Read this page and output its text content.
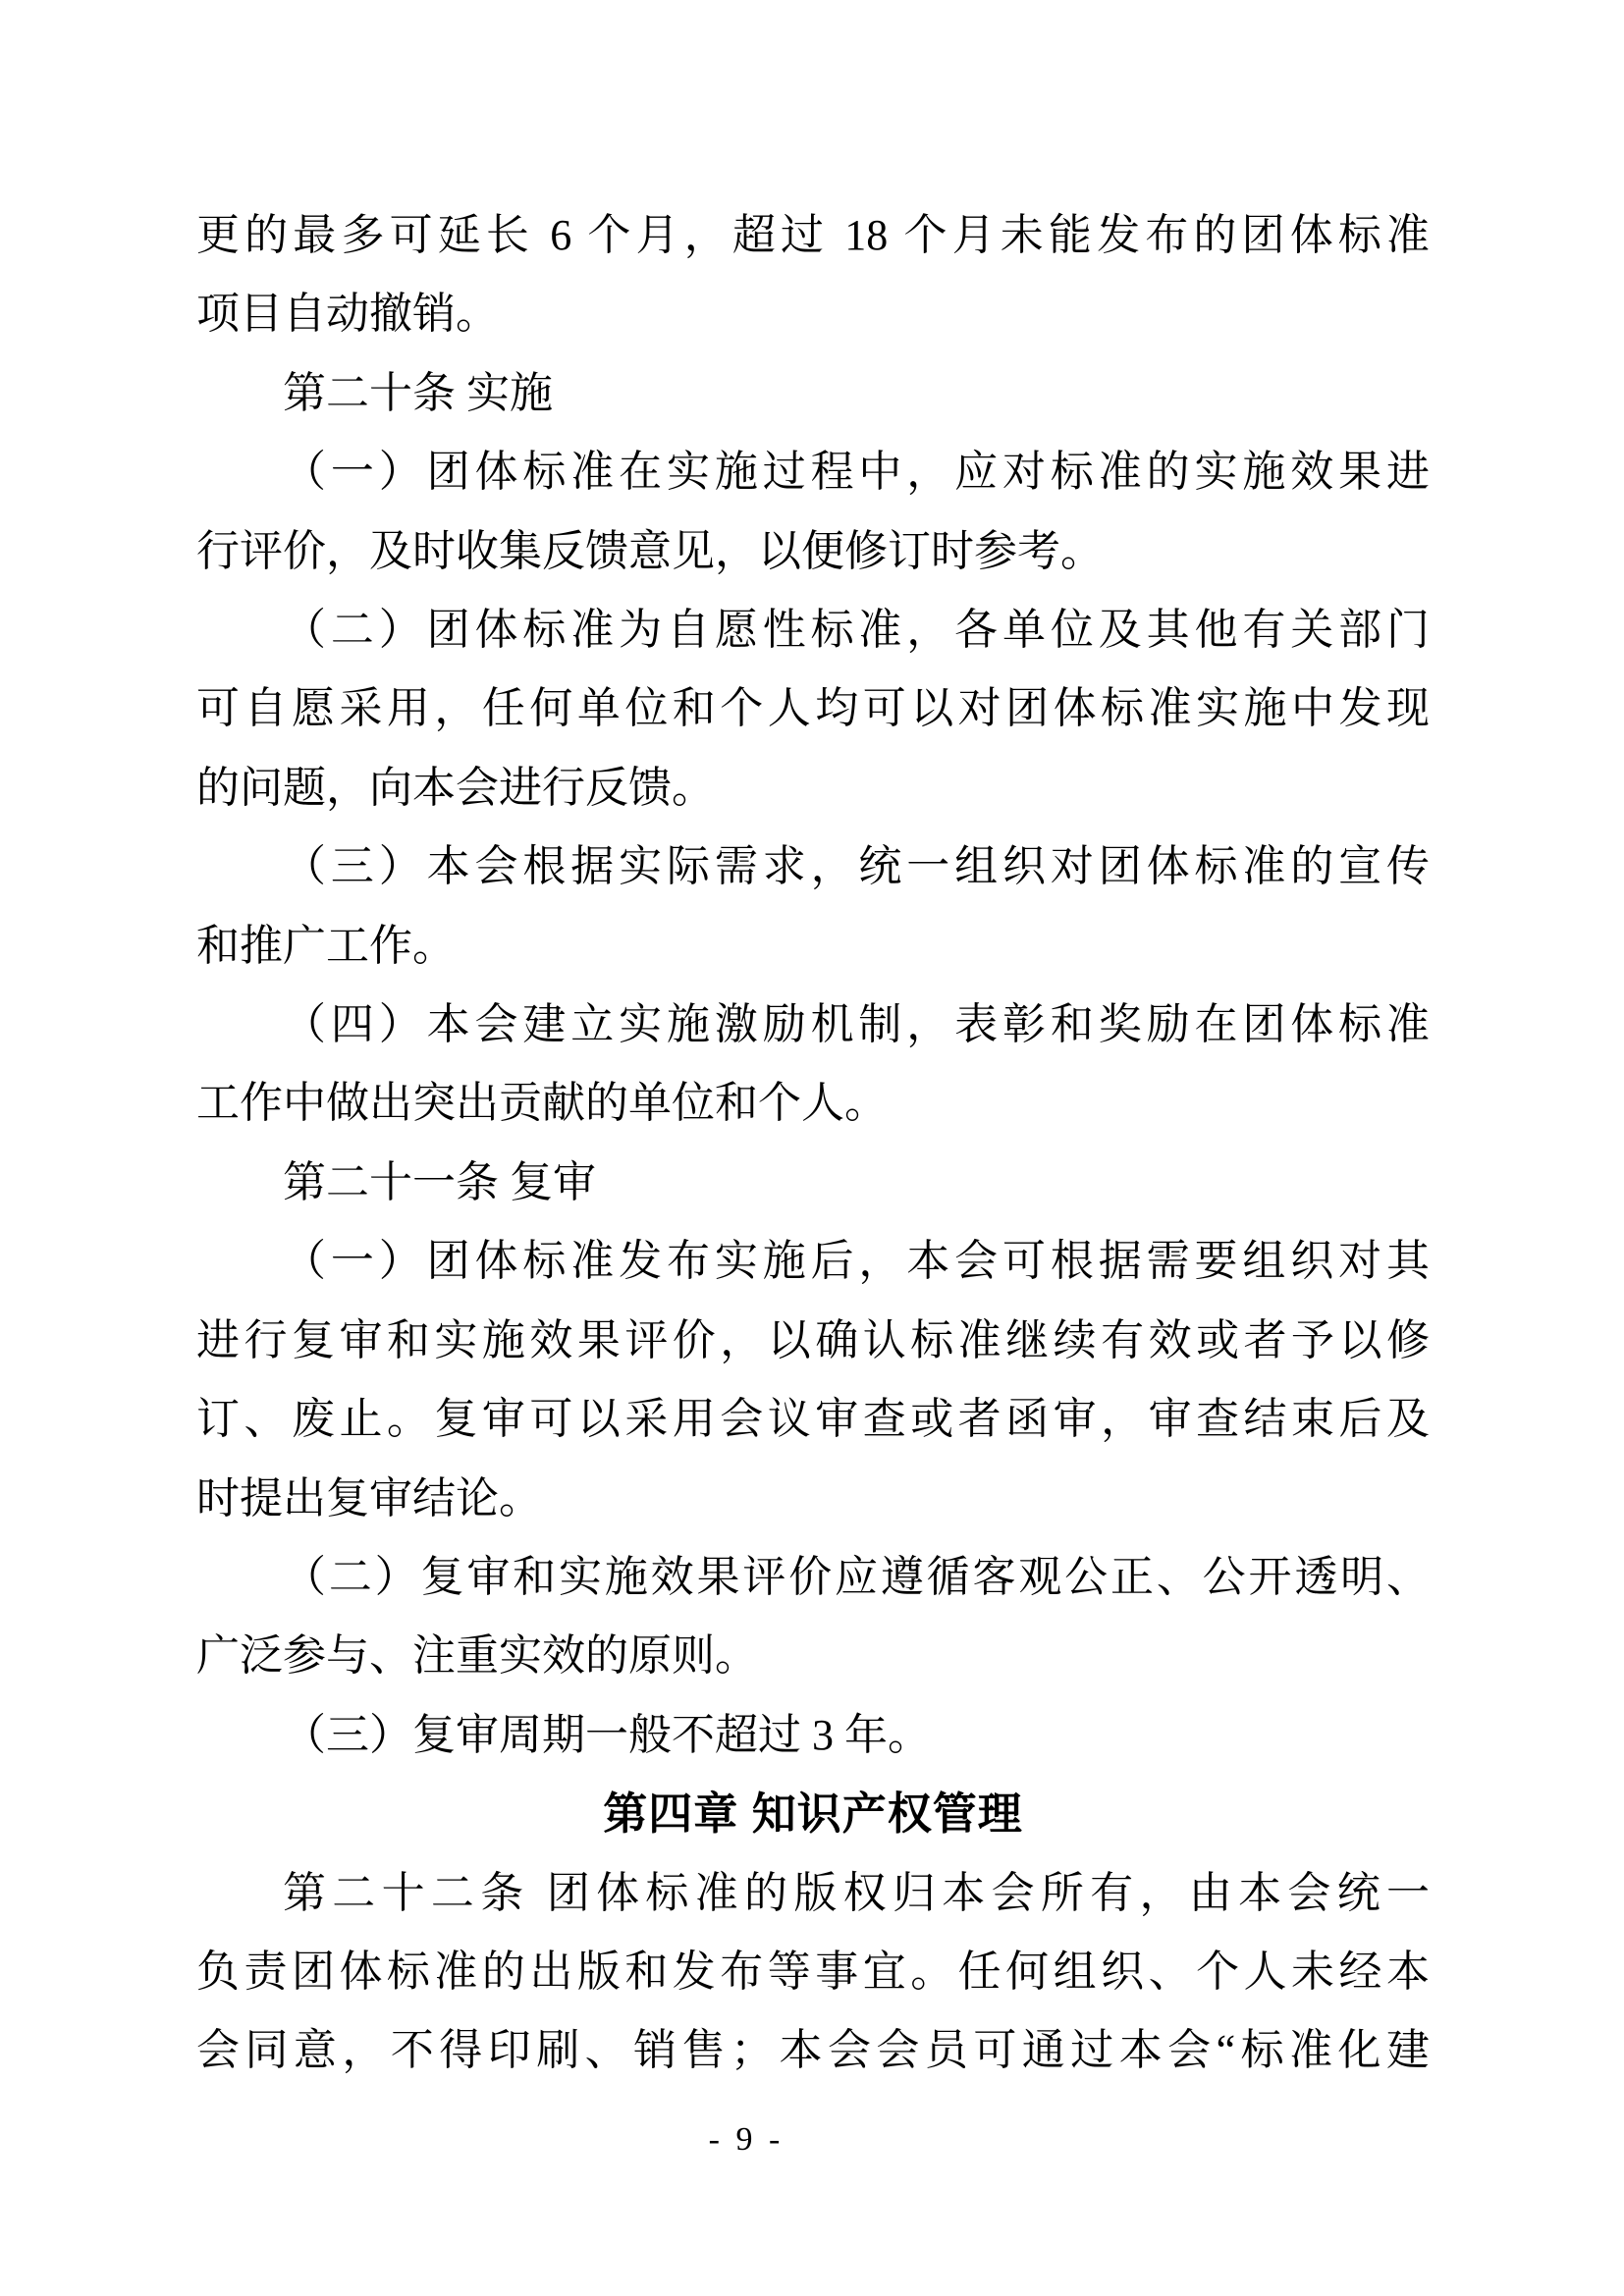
更的最多可延长 6 个月，超过 18 个月未能发布的团体标准
项目自动撤销。
第二十条 实施
（一）团体标准在实施过程中，应对标准的实施效果进
行评价，及时收集反馈意见，以便修订时参考。
（二）团体标准为自愿性标准，各单位及其他有关部门
可自愿采用，任何单位和个人均可以对团体标准实施中发现
的问题，向本会进行反馈。
（三）本会根据实际需求，统一组织对团体标准的宣传
和推广工作。
（四）本会建立实施激励机制，表彰和奖励在团体标准
工作中做出突出贡献的单位和个人。
第二十一条 复审
（一）团体标准发布实施后，本会可根据需要组织对其
进行复审和实施效果评价，以确认标准继续有效或者予以修
订、废止。复审可以采用会议审查或者函审，审查结束后及
时提出复审结论。
（二）复审和实施效果评价应遵循客观公正、公开透明、
广泛参与、注重实效的原则。
（三）复审周期一般不超过 3 年。
第四章 知识产权管理
第二十二条 团体标准的版权归本会所有，由本会统一
负责团体标准的出版和发布等事宜。任何组织、个人未经本
会同意，不得印刷、销售；本会会员可通过本会“标准化建
- 9 -
